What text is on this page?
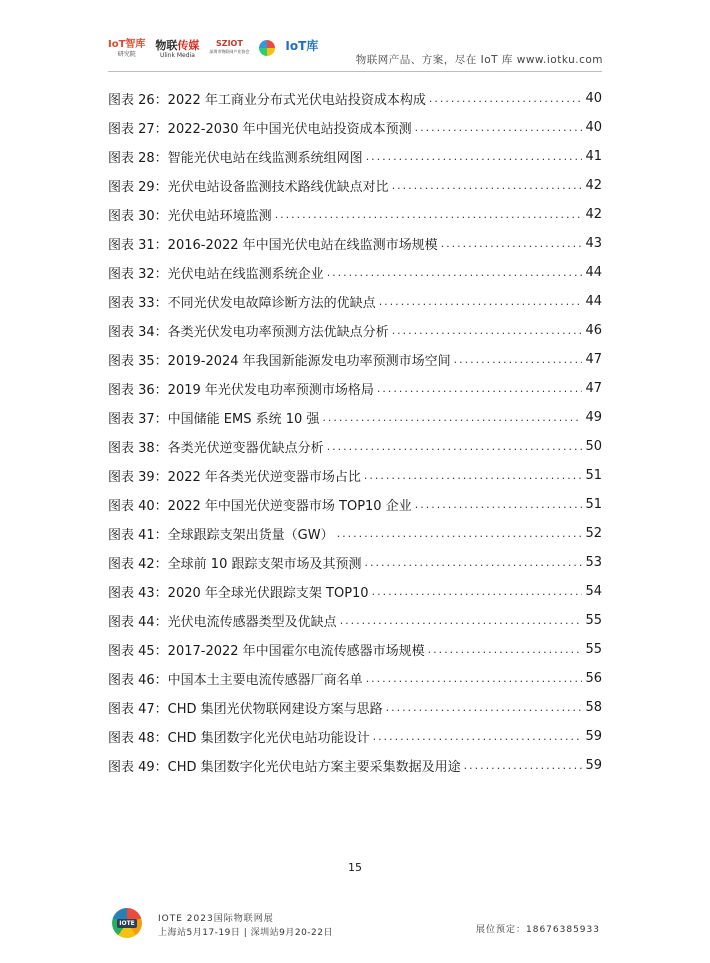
IoT智库
研究院
物联传媒
Ulink Media
SZIOT
深圳市物联网产业协会	IoT库
物联网产品、方案，尽在 IoT 库 www.iotku.com
图表 26：2022 年工商业分布式光伏电站投资成本构成 .....	40
图表 27：2022-2030 年中国光伏电站投资成本预测 .....	40
图表 28：智能光伏电站在线监测系统组网图 .....	41
图表 29：光伏电站设备监测技术路线优缺点对比 .....	42
图表 30：光伏电站环境监测 .....	42
图表 31：2016-2022 年中国光伏电站在线监测市场规模 .....	43
图表 32：光伏电站在线监测系统企业 .....	44
图表 33：不同光伏发电故障诊断方法的优缺点 .....	44
图表 34：各类光伏发电功率预测方法优缺点分析 .....	46
图表 35：2019-2024 年我国新能源发电功率预测市场空间 .....	47
图表 36：2019 年光伏发电功率预测市场格局 .....	47
图表 37：中国储能 EMS 系统 10 强 .....	49
图表 38：各类光伏逆变器优缺点分析 .....	50
图表 39：2022 年各类光伏逆变器市场占比 .....	51
图表 40：2022 年中国光伏逆变器市场 TOP10 企业 .....	51
图表 41：全球跟踪支架出货量（GW） .....	52
图表 42：全球前 10 跟踪支架市场及其预测 .....	53
图表 43：2020 年全球光伏跟踪支架 TOP10 .....	54
图表 44：光伏电流传感器类型及优缺点 .....	55
图表 45：2017-2022 年中国霍尔电流传感器市场规模 .....	55
图表 46：中国本土主要电流传感器厂商名单 .....	56
图表 47：CHD 集团光伏物联网建设方案与思路 .....	58
图表 48：CHD 集团数字化光伏电站功能设计 .....	59
图表 49：CHD 集团数字化光伏电站方案主要采集数据及用途 .....	59
15
IOTE	IOTE 2023国际物联网展
上海站5月17-19日 | 深圳站9月20-22日	展位预定：18676385933
